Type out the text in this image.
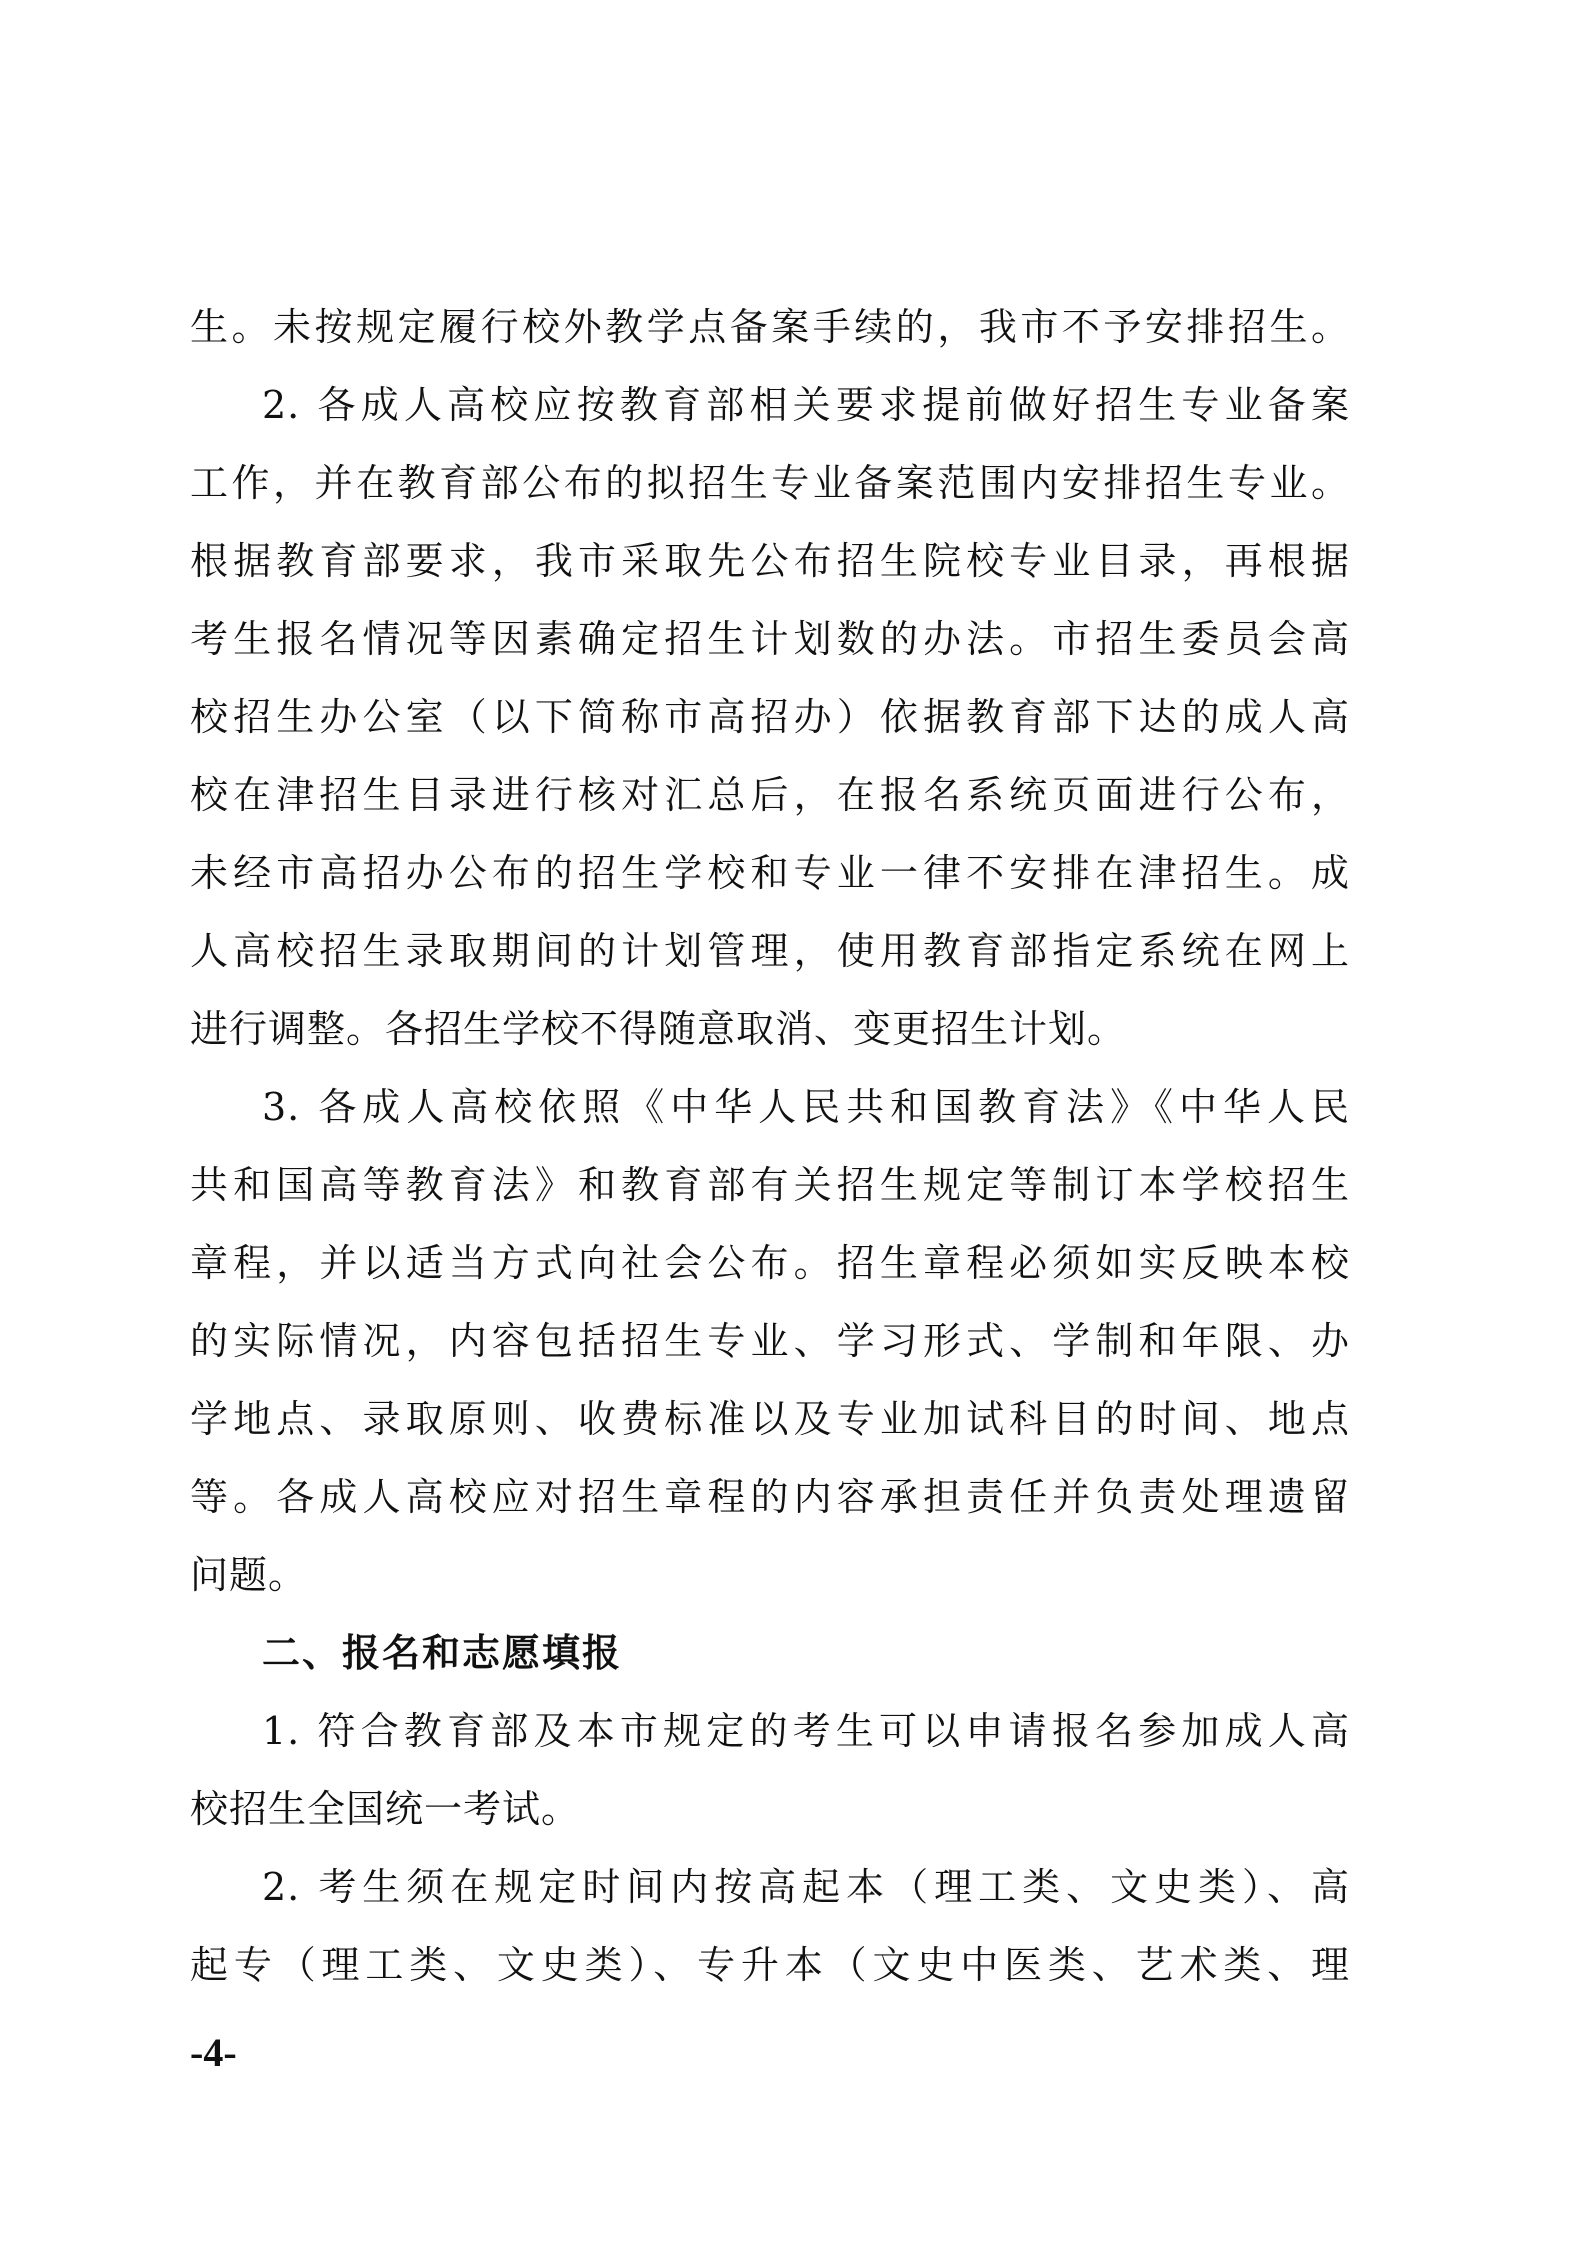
生。未按规定履行校外教学点备案手续的，我市不予安排招生。
2. 各成人高校应按教育部相关要求提前做好招生专业备案
工作，并在教育部公布的拟招生专业备案范围内安排招生专业。
根据教育部要求，我市采取先公布招生院校专业目录，再根据
考生报名情况等因素确定招生计划数的办法。市招生委员会高
校招生办公室（以下简称市高招办）依据教育部下达的成人高
校在津招生目录进行核对汇总后，在报名系统页面进行公布，
未经市高招办公布的招生学校和专业一律不安排在津招生。成
人高校招生录取期间的计划管理，使用教育部指定系统在网上
进行调整。各招生学校不得随意取消、变更招生计划。
3. 各成人高校依照《中华人民共和国教育法》《中华人民
共和国高等教育法》和教育部有关招生规定等制订本学校招生
章程，并以适当方式向社会公布。招生章程必须如实反映本校
的实际情况，内容包括招生专业、学习形式、学制和年限、办
学地点、录取原则、收费标准以及专业加试科目的时间、地点
等。各成人高校应对招生章程的内容承担责任并负责处理遗留
问题。
二、报名和志愿填报
1. 符合教育部及本市规定的考生可以申请报名参加成人高
校招生全国统一考试。
2. 考生须在规定时间内按高起本（理工类、文史类）、高
起专（理工类、文史类）、专升本（文史中医类、艺术类、理
-4-
